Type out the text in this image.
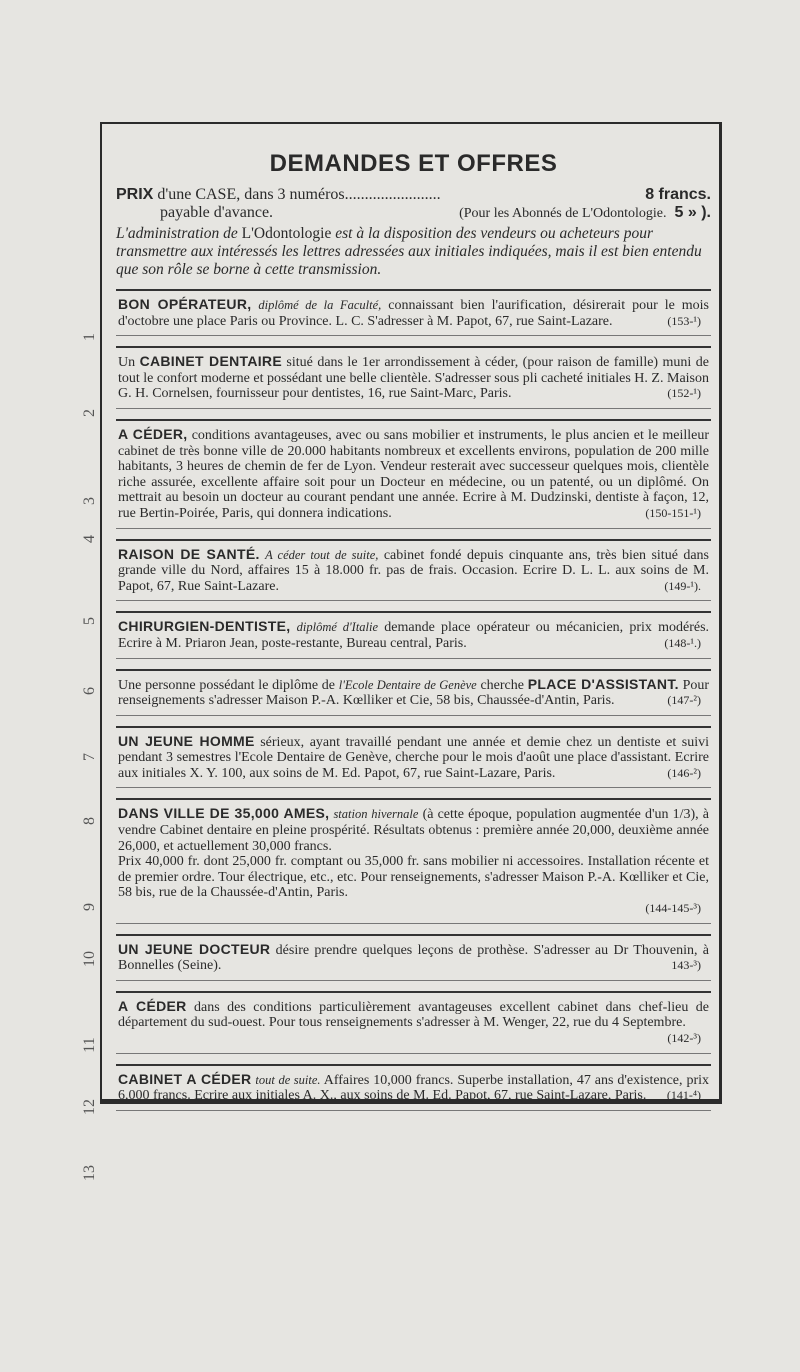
DEMANDES ET OFFRES
PRIX d'une CASE, dans 3 numéros........................	8 francs.
payable d'avance.	(Pour les Abonnés de L'Odontologie. 5 » ).
L'administration de L'Odontologie est à la disposition des vendeurs ou acheteurs pour transmettre aux intéressés les lettres adressées aux initiales indiquées, mais il est bien entendu que son rôle se borne à cette transmission.
BON OPÉRATEUR, diplômé de la Faculté, connaissant bien l'aurification, désirerait pour le mois d'octobre une place Paris ou Province. L. C. S'adresser à M. Papot, 67, rue Saint-Lazare.	(153-¹)
Un CABINET DENTAIRE situé dans le 1er arrondissement à céder, (pour raison de famille) muni de tout le confort moderne et possédant une belle clientèle. S'adresser sous pli cacheté initiales H. Z. Maison G. H. Cornelsen, fournisseur pour dentistes, 16, rue Saint-Marc, Paris.	(152-¹)
A CÉDER, conditions avantageuses, avec ou sans mobilier et instruments, le plus ancien et le meilleur cabinet de très bonne ville de 20.000 habitants nombreux et excellents environs, population de 200 mille habitants, 3 heures de chemin de fer de Lyon. Vendeur resterait avec successeur quelques mois, clientèle riche assurée, excellente affaire soit pour un Docteur en médecine, ou un patenté, ou un diplômé. On mettrait au besoin un docteur au courant pendant une année. Ecrire à M. Dudzinski, dentiste à façon, 12, rue Bertin-Poirée, Paris, qui donnera indications.	(150-151-¹)
RAISON DE SANTÉ. A céder tout de suite, cabinet fondé depuis cinquante ans, très bien situé dans grande ville du Nord, affaires 15 à 18.000 fr. pas de frais. Occasion. Ecrire D. L. L. aux soins de M. Papot, 67, Rue Saint-Lazare.	(149-¹).
CHIRURGIEN-DENTISTE, diplômé d'Italie demande place opérateur ou mécanicien, prix modérés. Ecrire à M. Priaron Jean, poste-restante, Bureau central, Paris.	(148-¹.)
Une personne possédant le diplôme de l'Ecole Dentaire de Genève cherche PLACE D'ASSISTANT. Pour renseignements s'adresser Maison P.-A. Kœlliker et Cie, 58 bis, Chaussée-d'Antin, Paris.	(147-²)
UN JEUNE HOMME sérieux, ayant travaillé pendant une année et demie chez un dentiste et suivi pendant 3 semestres l'Ecole Dentaire de Genève, cherche pour le mois d'août une place d'assistant. Ecrire aux initiales X. Y. 100, aux soins de M. Ed. Papot, 67, rue Saint-Lazare, Paris.	(146-²)
DANS VILLE DE 35,000 AMES, station hivernale (à cette époque, population augmentée d'un 1/3), à vendre Cabinet dentaire en pleine prospérité. Résultats obtenus : première année 20,000, deuxième année 26,000, et actuellement 30,000 francs.
Prix 40,000 fr. dont 25,000 fr. comptant ou 35,000 fr. sans mobilier ni accessoires. Installation récente et de premier ordre. Tour électrique, etc., etc. Pour renseignements, s'adresser Maison P.-A. Kœlliker et Cie, 58 bis, rue de la Chaussée-d'Antin, Paris.
(144-145-³)
UN JEUNE DOCTEUR désire prendre quelques leçons de prothèse. S'adresser au Dr Thouvenin, à Bonnelles (Seine).	143-³)
A CÉDER dans des conditions particulièrement avantageuses excellent cabinet dans chef-lieu de département du sud-ouest. Pour tous renseignements s'adresser à M. Wenger, 22, rue du 4 Septembre.
(142-³)
CABINET A CÉDER tout de suite. Affaires 10,000 francs. Superbe installation, 47 ans d'existence, prix 6,000 francs. Ecrire aux initiales A. X., aux soins de M. Ed. Papot, 67, rue Saint-Lazare, Paris. (141-⁴)
1
2
3
4
5
6
7
8
9
10
11
12
13
